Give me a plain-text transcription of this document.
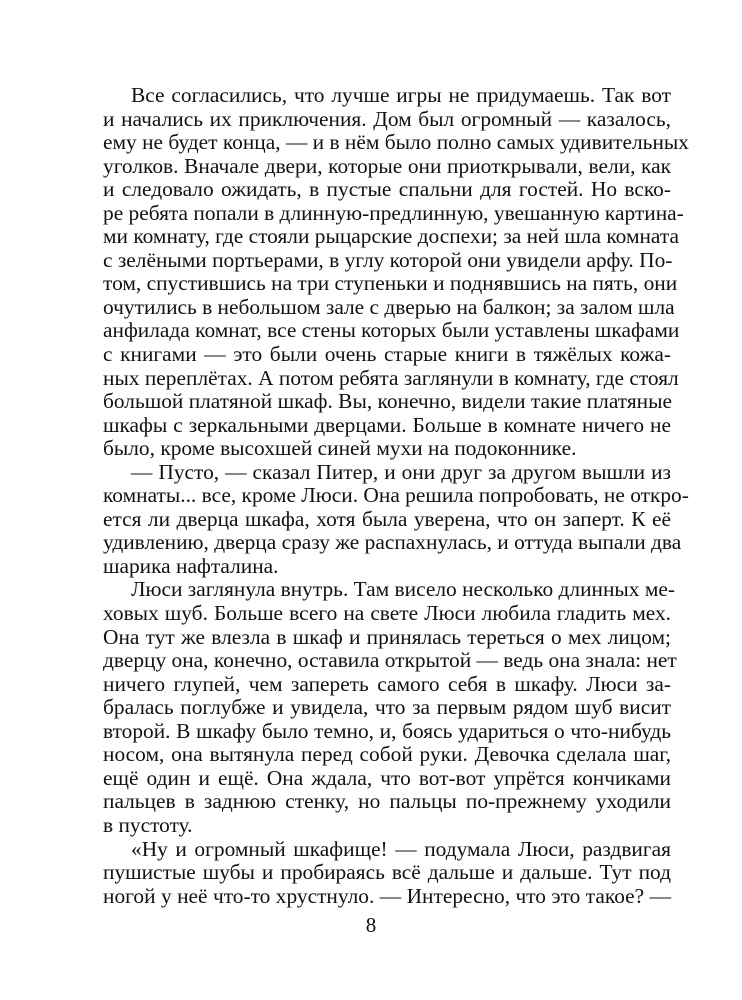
Все согласились, что лучше игры не придумаешь. Так вот
и начались их приключения. Дом был огромный — казалось,
ему не будет конца, — и в нём было полно самых удивительных
уголков. Вначале двери, которые они приоткрывали, вели, как
и следовало ожидать, в пустые спальни для гостей. Но вско-
ре ребята попали в длинную-предлинную, увешанную картина-
ми комнату, где стояли рыцарские доспехи; за ней шла комната
с зелёными портьерами, в углу которой они увидели арфу. По-
том, спустившись на три ступеньки и поднявшись на пять, они
очутились в небольшом зале с дверью на балкон; за залом шла
анфилада комнат, все стены которых были уставлены шкафами
с книгами — это были очень старые книги в тяжёлых кожа-
ных переплётах. А потом ребята заглянули в комнату, где стоял
большой платяной шкаф. Вы, конечно, видели такие платяные
шкафы с зеркальными дверцами. Больше в комнате ничего не
было, кроме высохшей синей мухи на подоконнике.
— Пусто, — сказал Питер, и они друг за другом вышли из
комнаты... все, кроме Люси. Она решила попробовать, не откро-
ется ли дверца шкафа, хотя была уверена, что он заперт. К её
удивлению, дверца сразу же распахнулась, и оттуда выпали два
шарика нафталина.
Люси заглянула внутрь. Там висело несколько длинных ме-
ховых шуб. Больше всего на свете Люси любила гладить мех.
Она тут же влезла в шкаф и принялась тереться о мех лицом;
дверцу она, конечно, оставила открытой — ведь она знала: нет
ничего глупей, чем запереть самого себя в шкафу. Люси за-
бралась поглубже и увидела, что за первым рядом шуб висит
второй. В шкафу было темно, и, боясь удариться о что-нибудь
носом, она вытянула перед собой руки. Девочка сделала шаг,
ещё один и ещё. Она ждала, что вот-вот упрётся кончиками
пальцев в заднюю стенку, но пальцы по-прежнему уходили
в пустоту.
«Ну и огромный шкафище! — подумала Люси, раздвигая
пушистые шубы и пробираясь всё дальше и дальше. Тут под
ногой у неё что-то хрустнуло. — Интересно, что это такое? —
8
